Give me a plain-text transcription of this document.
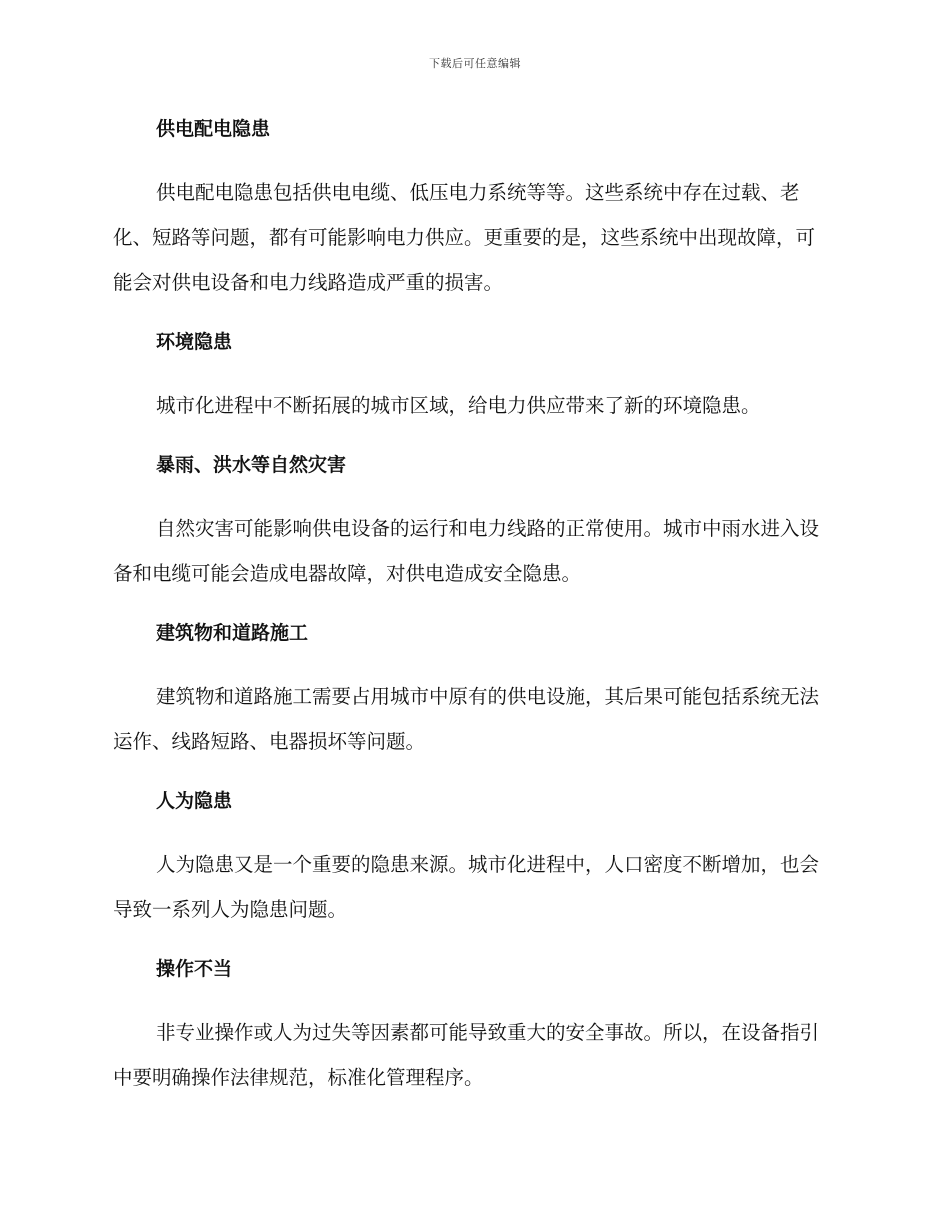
下载后可任意编辑
供电配电隐患

供电配电隐患包括供电电缆、低压电力系统等等。这些系统中存在过载、老化、短路等问题，都有可能影响电力供应。更重要的是，这些系统中出现故障，可能会对供电设备和电力线路造成严重的损害。

环境隐患

城市化进程中不断拓展的城市区域，给电力供应带来了新的环境隐患。

暴雨、洪水等自然灾害

自然灾害可能影响供电设备的运行和电力线路的正常使用。城市中雨水进入设备和电缆可能会造成电器故障，对供电造成安全隐患。

建筑物和道路施工

建筑物和道路施工需要占用城市中原有的供电设施，其后果可能包括系统无法运作、线路短路、电器损坏等问题。

人为隐患

人为隐患又是一个重要的隐患来源。城市化进程中，人口密度不断增加，也会导致一系列人为隐患问题。

操作不当

非专业操作或人为过失等因素都可能导致重大的安全事故。所以，在设备指引中要明确操作法律规范，标准化管理程序。
